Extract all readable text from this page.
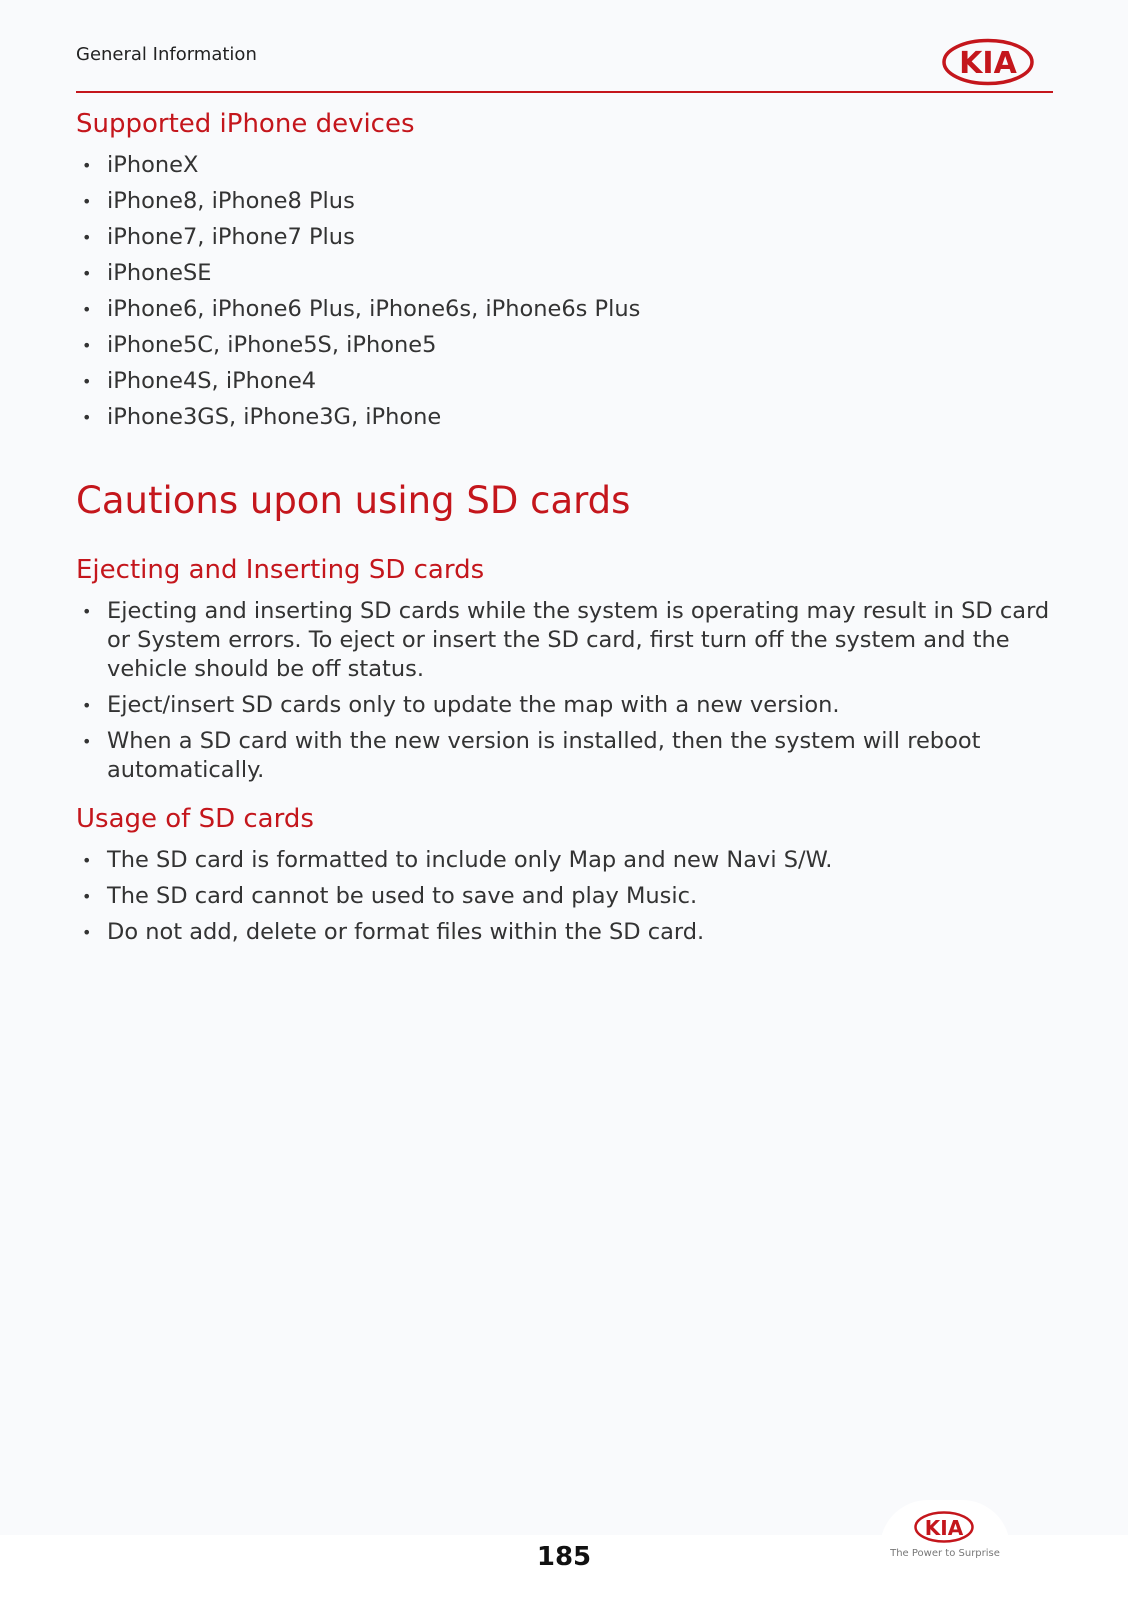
General Information	KIA
Supported iPhone devices
• iPhoneX
• iPhone8, iPhone8 Plus
• iPhone7, iPhone7 Plus
• iPhoneSE
• iPhone6, iPhone6 Plus, iPhone6s, iPhone6s Plus
• iPhone5C, iPhone5S, iPhone5
• iPhone4S, iPhone4
• iPhone3GS, iPhone3G, iPhone
Cautions upon using SD cards
Ejecting and Inserting SD cards
• Ejecting and inserting SD cards while the system is operating may result in SD card or System errors. To eject or insert the SD card, first turn off the system and the vehicle should be off status.
• Eject/insert SD cards only to update the map with a new version.
• When a SD card with the new version is installed, then the system will reboot automatically.
Usage of SD cards
• The SD card is formatted to include only Map and new Navi S/W.
• The SD card cannot be used to save and play Music.
• Do not add, delete or format files within the SD card.
185
KIA
The Power to Surprise
